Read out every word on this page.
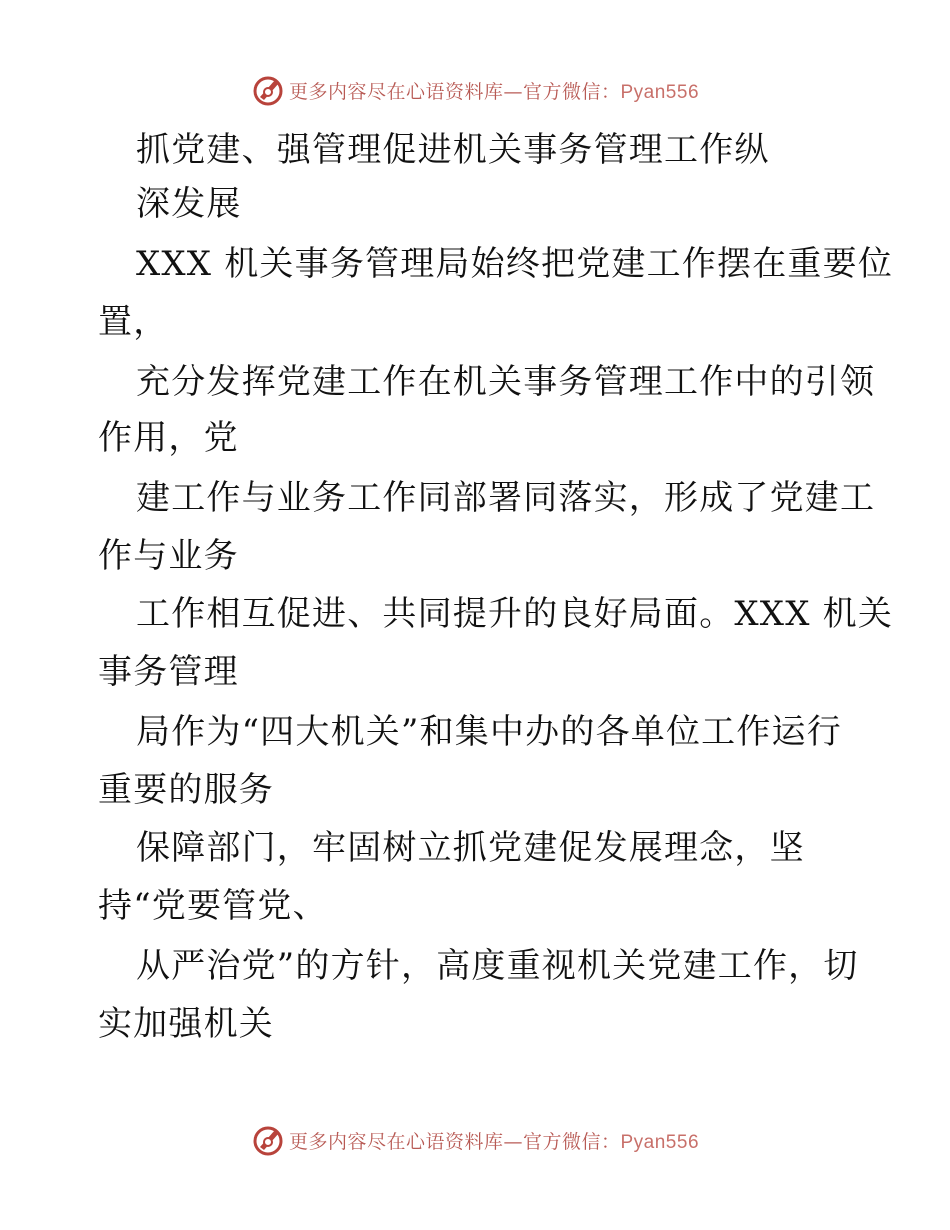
更多内容尽在心语资料库—官方微信：Pyan556
抓党建、强管理促进机关事务管理工作纵
深发展
XXX 机关事务管理局始终把党建工作摆在重要位
置，
充分发挥党建工作在机关事务管理工作中的引领
作用，党
建工作与业务工作同部署同落实，形成了党建工
作与业务
工作相互促进、共同提升的良好局面。XXX 机关
事务管理
局作为“四大机关”和集中办的各单位工作运行
重要的服务
保障部门，牢固树立抓党建促发展理念，坚
持“党要管党、
从严治党”的方针，高度重视机关党建工作，切
实加强机关
更多内容尽在心语资料库—官方微信：Pyan556
